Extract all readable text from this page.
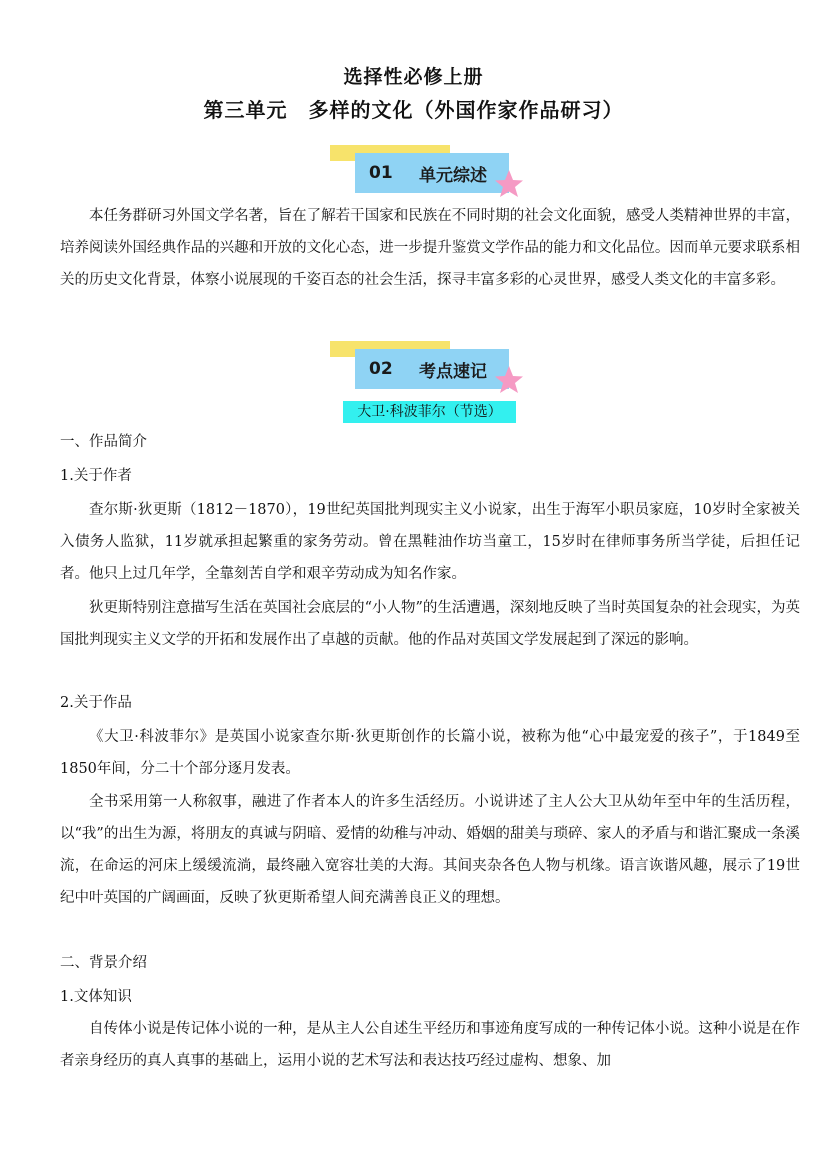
选择性必修上册
第三单元　多样的文化（外国作家作品研习）
01	单元综述
本任务群研习外国文学名著，旨在了解若干国家和民族在不同时期的社会文化面貌，感受人类精神世界的丰富，培养阅读外国经典作品的兴趣和开放的文化心态，进一步提升鉴赏文学作品的能力和文化品位。因而单元要求联系相关的历史文化背景，体察小说展现的千姿百态的社会生活，探寻丰富多彩的心灵世界，感受人类文化的丰富多彩。
02	考点速记
大卫·科波菲尔（节选）
一、作品简介
1.关于作者
查尔斯·狄更斯（1812－1870），19世纪英国批判现实主义小说家，出生于海军小职员家庭，10岁时全家被关入债务人监狱，11岁就承担起繁重的家务劳动。曾在黑鞋油作坊当童工，15岁时在律师事务所当学徒，后担任记者。他只上过几年学，全靠刻苦自学和艰辛劳动成为知名作家。
狄更斯特别注意描写生活在英国社会底层的“小人物”的生活遭遇，深刻地反映了当时英国复杂的社会现实，为英国批判现实主义文学的开拓和发展作出了卓越的贡献。他的作品对英国文学发展起到了深远的影响。
2.关于作品
《大卫·科波菲尔》是英国小说家查尔斯·狄更斯创作的长篇小说，被称为他“心中最宠爱的孩子”，于1849至1850年间，分二十个部分逐月发表。
全书采用第一人称叙事，融进了作者本人的许多生活经历。小说讲述了主人公大卫从幼年至中年的生活历程，以“我”的出生为源，将朋友的真诚与阴暗、爱情的幼稚与冲动、婚姻的甜美与琐碎、家人的矛盾与和谐汇聚成一条溪流，在命运的河床上缓缓流淌，最终融入宽容壮美的大海。其间夹杂各色人物与机缘。语言诙谐风趣，展示了19世纪中叶英国的广阔画面，反映了狄更斯希望人间充满善良正义的理想。
二、背景介绍
1.文体知识
自传体小说是传记体小说的一种，是从主人公自述生平经历和事迹角度写成的一种传记体小说。这种小说是在作者亲身经历的真人真事的基础上，运用小说的艺术写法和表达技巧经过虚构、想象、加
